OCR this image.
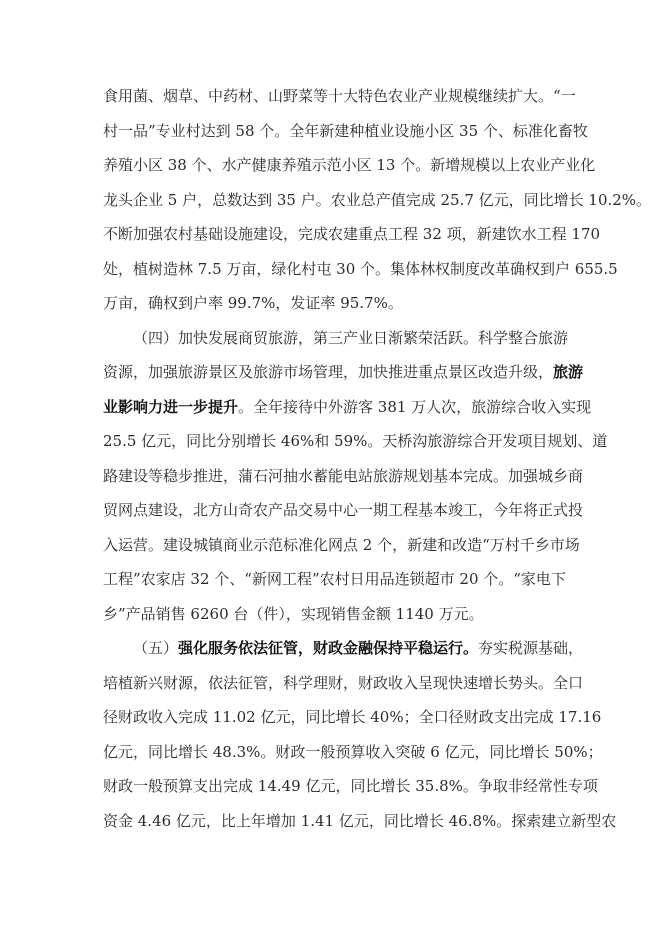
食用菌、烟草、中药材、山野菜等十大特色农业产业规模继续扩大。“一
村一品”专业村达到 58 个。全年新建种植业设施小区 35 个、标准化畜牧
养殖小区 38 个、水产健康养殖示范小区 13 个。新增规模以上农业产业化
龙头企业 5 户，总数达到 35 户。农业总产值完成 25.7 亿元，同比增长 10.2%。
不断加强农村基础设施建设，完成农建重点工程 32 项，新建饮水工程 170
处，植树造林 7.5 万亩，绿化村屯 30 个。集体林权制度改革确权到户 655.5
万亩，确权到户率 99.7%，发证率 95.7%。
（四）加快发展商贸旅游，第三产业日渐繁荣活跃。科学整合旅游
资源，加强旅游景区及旅游市场管理，加快推进重点景区改造升级，旅游
业影响力进一步提升。全年接待中外游客 381 万人次，旅游综合收入实现
25.5 亿元，同比分别增长 46%和 59%。天桥沟旅游综合开发项目规划、道
路建设等稳步推进，蒲石河抽水蓄能电站旅游规划基本完成。加强城乡商
贸网点建设，北方山奇农产品交易中心一期工程基本竣工，今年将正式投
入运营。建设城镇商业示范标准化网点 2 个，新建和改造“万村千乡市场
工程”农家店 32 个、“新网工程”农村日用品连锁超市 20 个。“家电下
乡”产品销售 6260 台（件），实现销售金额 1140 万元。
（五）强化服务依法征管，财政金融保持平稳运行。夯实税源基础，
培植新兴财源，依法征管，科学理财，财政收入呈现快速增长势头。全口
径财政收入完成 11.02 亿元，同比增长 40%；全口径财政支出完成 17.16
亿元，同比增长 48.3%。财政一般预算收入突破 6 亿元，同比增长 50%；
财政一般预算支出完成 14.49 亿元，同比增长 35.8%。争取非经常性专项
资金 4.46 亿元，比上年增加 1.41 亿元，同比增长 46.8%。探索建立新型农
